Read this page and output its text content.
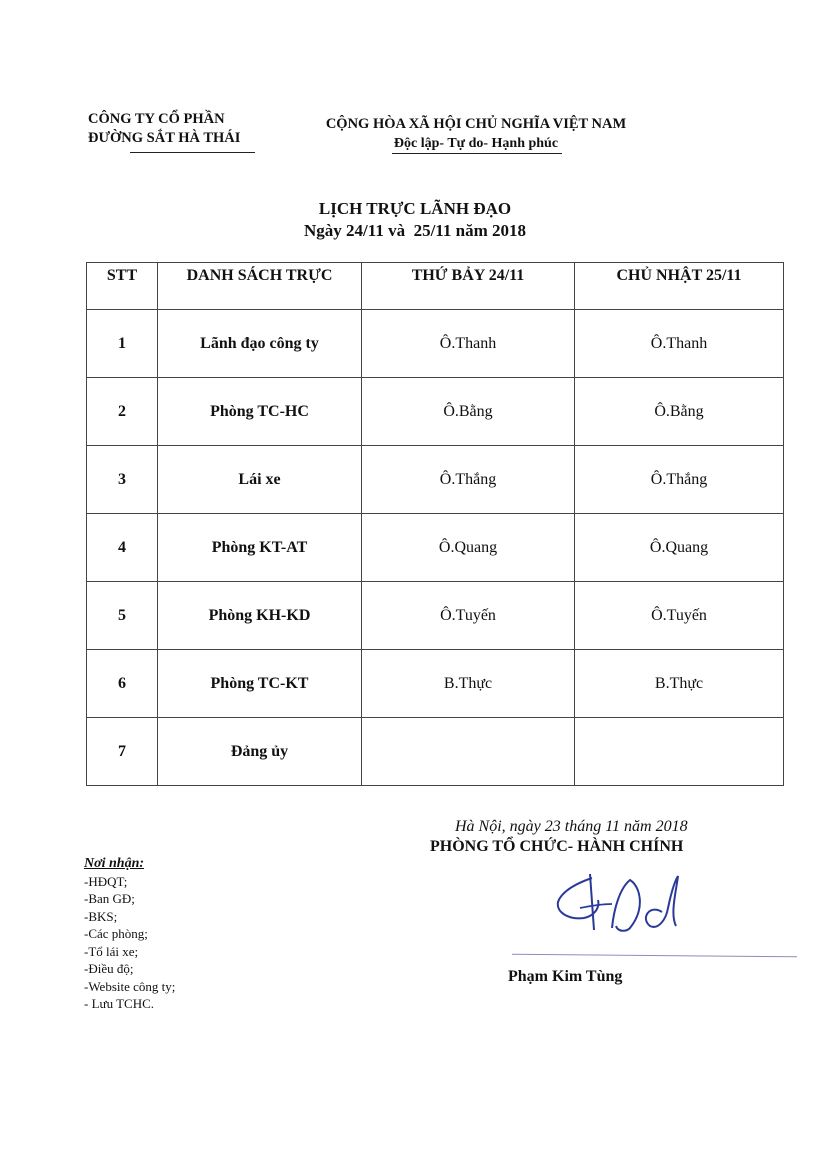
CÔNG TY CỔ PHẦN
ĐƯỜNG SẮT HÀ THÁI
CỘNG HÒA XÃ HỘI CHỦ NGHĨA VIỆT NAM
Độc lập- Tự do- Hạnh phúc
LỊCH TRỰC LÃNH ĐẠO
Ngày 24/11 và  25/11 năm 2018
STT	DANH SÁCH TRỰC	THỨ BẢY 24/11	CHỦ NHẬT 25/11
1	Lãnh đạo công ty	Ô.Thanh	Ô.Thanh
2	Phòng TC-HC	Ô.Bằng	Ô.Bằng
3	Lái xe	Ô.Thắng	Ô.Thắng
4	Phòng KT-AT	Ô.Quang	Ô.Quang
5	Phòng KH-KD	Ô.Tuyến	Ô.Tuyến
6	Phòng TC-KT	B.Thực	B.Thực
7	Đảng ủy		
Hà Nội, ngày 23 tháng 11 năm 2018
PHÒNG TỔ CHỨC- HÀNH CHÍNH
Nơi nhận:
-HĐQT;
-Ban GĐ;
-BKS;
-Các phòng;
-Tổ lái xe;
-Điều độ;
-Website công ty;
- Lưu TCHC.
Phạm Kim Tùng
